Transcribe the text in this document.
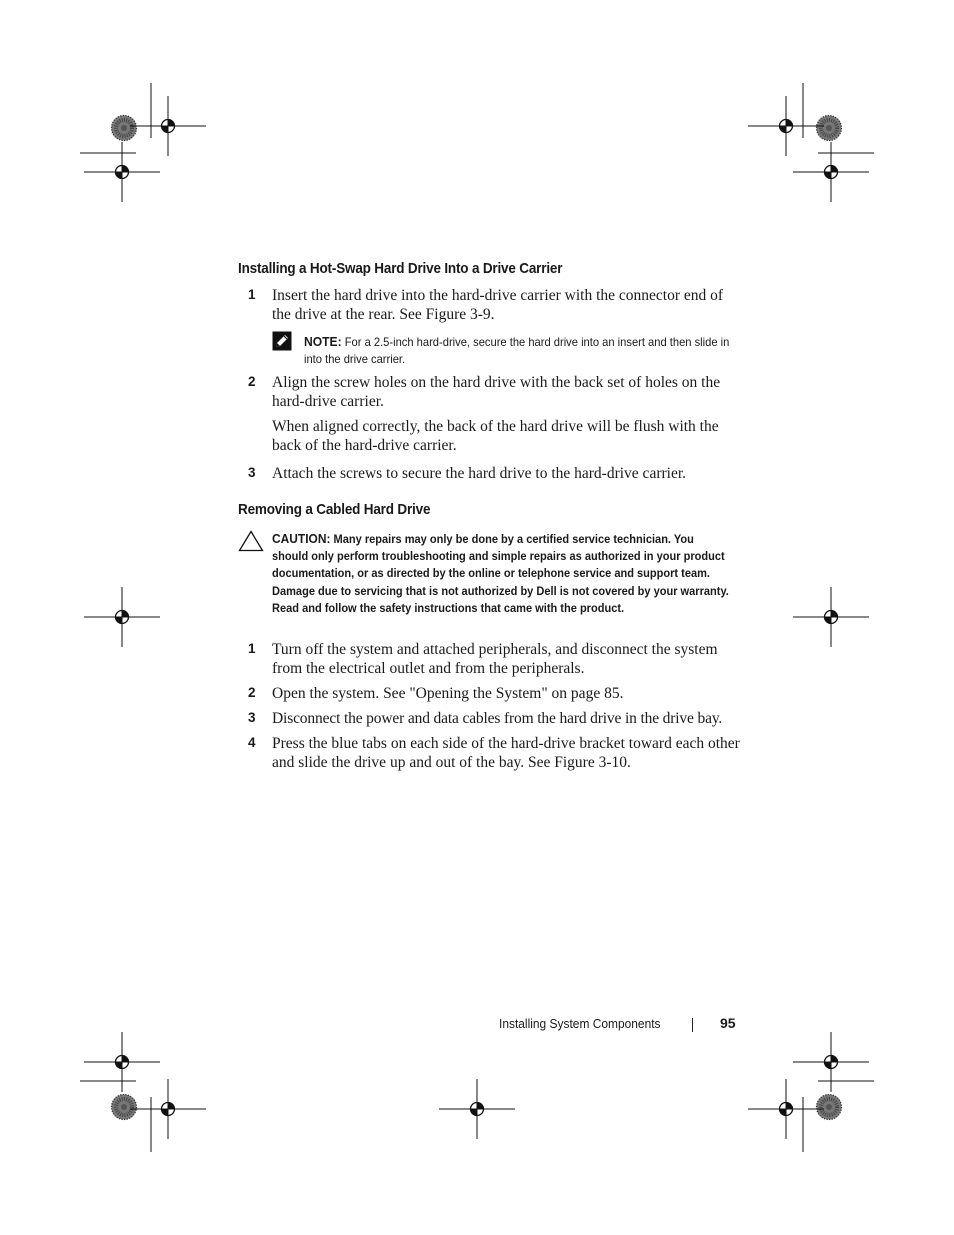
Installing a Hot-Swap Hard Drive Into a Drive Carrier
1 Insert the hard drive into the hard-drive carrier with the connector end of the drive at the rear. See Figure 3-9.
NOTE: For a 2.5-inch hard-drive, secure the hard drive into an insert and then slide in into the drive carrier.
2 Align the screw holes on the hard drive with the back set of holes on the hard-drive carrier.
When aligned correctly, the back of the hard drive will be flush with the back of the hard-drive carrier.
3 Attach the screws to secure the hard drive to the hard-drive carrier.
Removing a Cabled Hard Drive
CAUTION: Many repairs may only be done by a certified service technician. You should only perform troubleshooting and simple repairs as authorized in your product documentation, or as directed by the online or telephone service and support team. Damage due to servicing that is not authorized by Dell is not covered by your warranty. Read and follow the safety instructions that came with the product.
1 Turn off the system and attached peripherals, and disconnect the system from the electrical outlet and from the peripherals.
2 Open the system. See "Opening the System" on page 85.
3 Disconnect the power and data cables from the hard drive in the drive bay.
4 Press the blue tabs on each side of the hard-drive bracket toward each other and slide the drive up and out of the bay. See Figure 3-10.
Installing System Components	95
